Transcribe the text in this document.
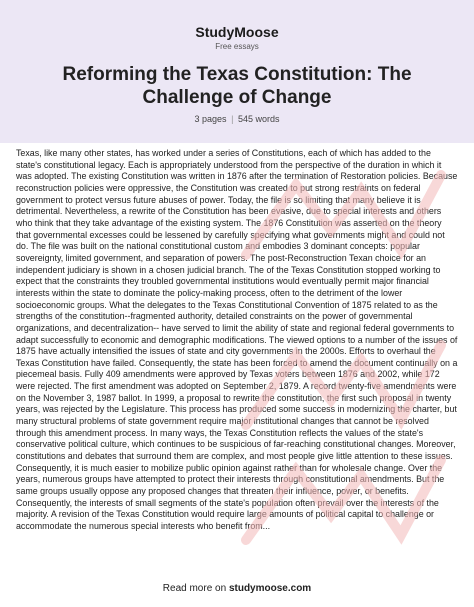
StudyMoose
Free essays
Reforming the Texas Constitution: The Challenge of Change
3 pages | 545 words
Texas, like many other states, has worked under a series of Constitutions, each of which has added to the state's constitutional legacy. Each is appropriately understood from the perspective of the duration in which it was adopted. The existing Constitution was written in 1876 after the termination of Restoration policies. Because reconstruction policies were oppressive, the Constitution was created to put strong restraints on federal government to protect versus future abuses of power. Today, the file is so limiting that many believe it is detrimental. Nevertheless, a rewrite of the Constitution has been evasive, due to special interests and others who think that they take advantage of the existing system. The 1876 Constitution was asserted on the theory that governmental excesses could be lessened by carefully specifying what governments might and could not do. The file was built on the national constitutional custom and embodies 3 dominant concepts: popular sovereignty, limited government, and separation of powers. The post-Reconstruction Texan choice for an independent judiciary is shown in a chosen judicial branch. The of the Texas Constitution stopped working to expect that the constraints they troubled governmental institutions would eventually permit major financial interests within the state to dominate the policy-making process, often to the detriment of the lower socioeconomic groups. What the delegates to the Texas Constitutional Convention of 1875 related to as the strengths of the constitution--fragmented authority, detailed constraints on the power of governmental organizations, and decentralization-- have served to limit the ability of state and regional federal governments to adapt successfully to economic and demographic modifications. The viewed options to a number of the issues of 1875 have actually intensified the issues of state and city governments in the 2000s. Efforts to overhaul the Texas Constitution have failed. Consequently, the state has been forced to amend the document continually on a piecemeal basis. Fully 409 amendments were approved by Texas voters between 1876 and 2002, while 172 were rejected. The first amendment was adopted on September 2, 1879. A record twenty-five amendments were on the November 3, 1987 ballot. In 1999, a proposal to rewrite the constitution, the first such proposal in twenty years, was rejected by the Legislature. This process has produced some success in modernizing the charter, but many structural problems of state government require major institutional changes that cannot be resolved through this amendment process. In many ways, the Texas Constitution reflects the values of the state's conservative political culture, which continues to be suspicious of far-reaching constitutional changes. Moreover, constitutions and debates that surround them are complex, and most people give little attention to these issues. Consequently, it is much easier to mobilize public opinion against rather than for wholesale change. Over the years, numerous groups have attempted to protect their interests through constitutional amendments. But the same groups usually oppose any proposed changes that threaten their influence, power, or benefits. Consequently, the interests of small segments of the state's population often prevail over the interests of the majority. A revision of the Texas Constitution would require large amounts of political capital to challenge or accommodate the numerous special interests who benefit from...
Read more on studymoose.com
